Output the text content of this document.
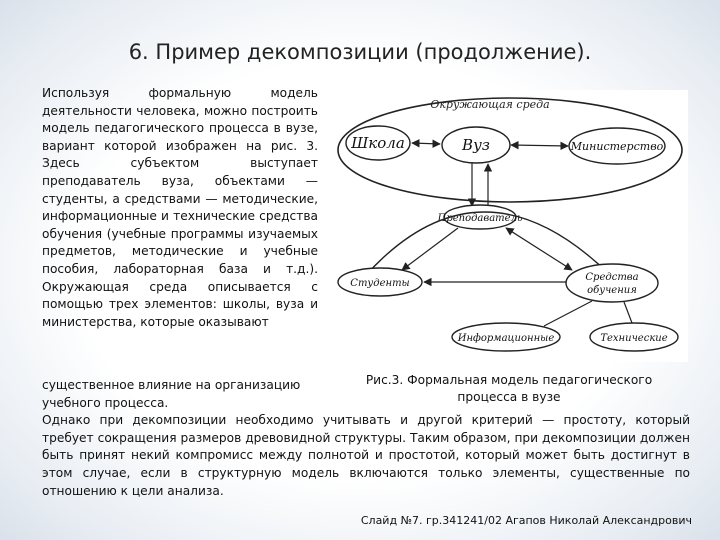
6. Пример декомпозиции (продолжение).
Используя формальную модель деятельности человека, можно построить модель педагогического процесса в вузе, вариант которой изображен на рис. 3. Здесь субъектом выступает преподаватель вуза, объектами — студенты, а средствами — методические, информационные и технические средства обучения (учебные программы изучаемых предметов, методические и учебные пособия, лабораторная база и т.д.). Окружающая среда описывается с помощью трех элементов: школы, вуза и министерства, которые оказывают
Окружающая среда
Школа	Вуз	Министерство
Преподаватель
Студенты
Средства
обучения
Информационные	Технические
Рис.3. Формальная модель педагогического
процесса в вузе
существенное влияние на организацию
учебного процесса.
Однако при декомпозиции необходимо учитывать и другой критерий — простоту, который требует сокращения размеров древовидной структуры. Таким образом, при декомпозиции должен быть принят некий компромисс между полнотой и простотой, который может быть достигнут в этом случае, если в структурную модель включаются только элементы, существенные по отношению к цели анализа.
Слайд №7. гр.341241/02 Агапов Николай Александрович
